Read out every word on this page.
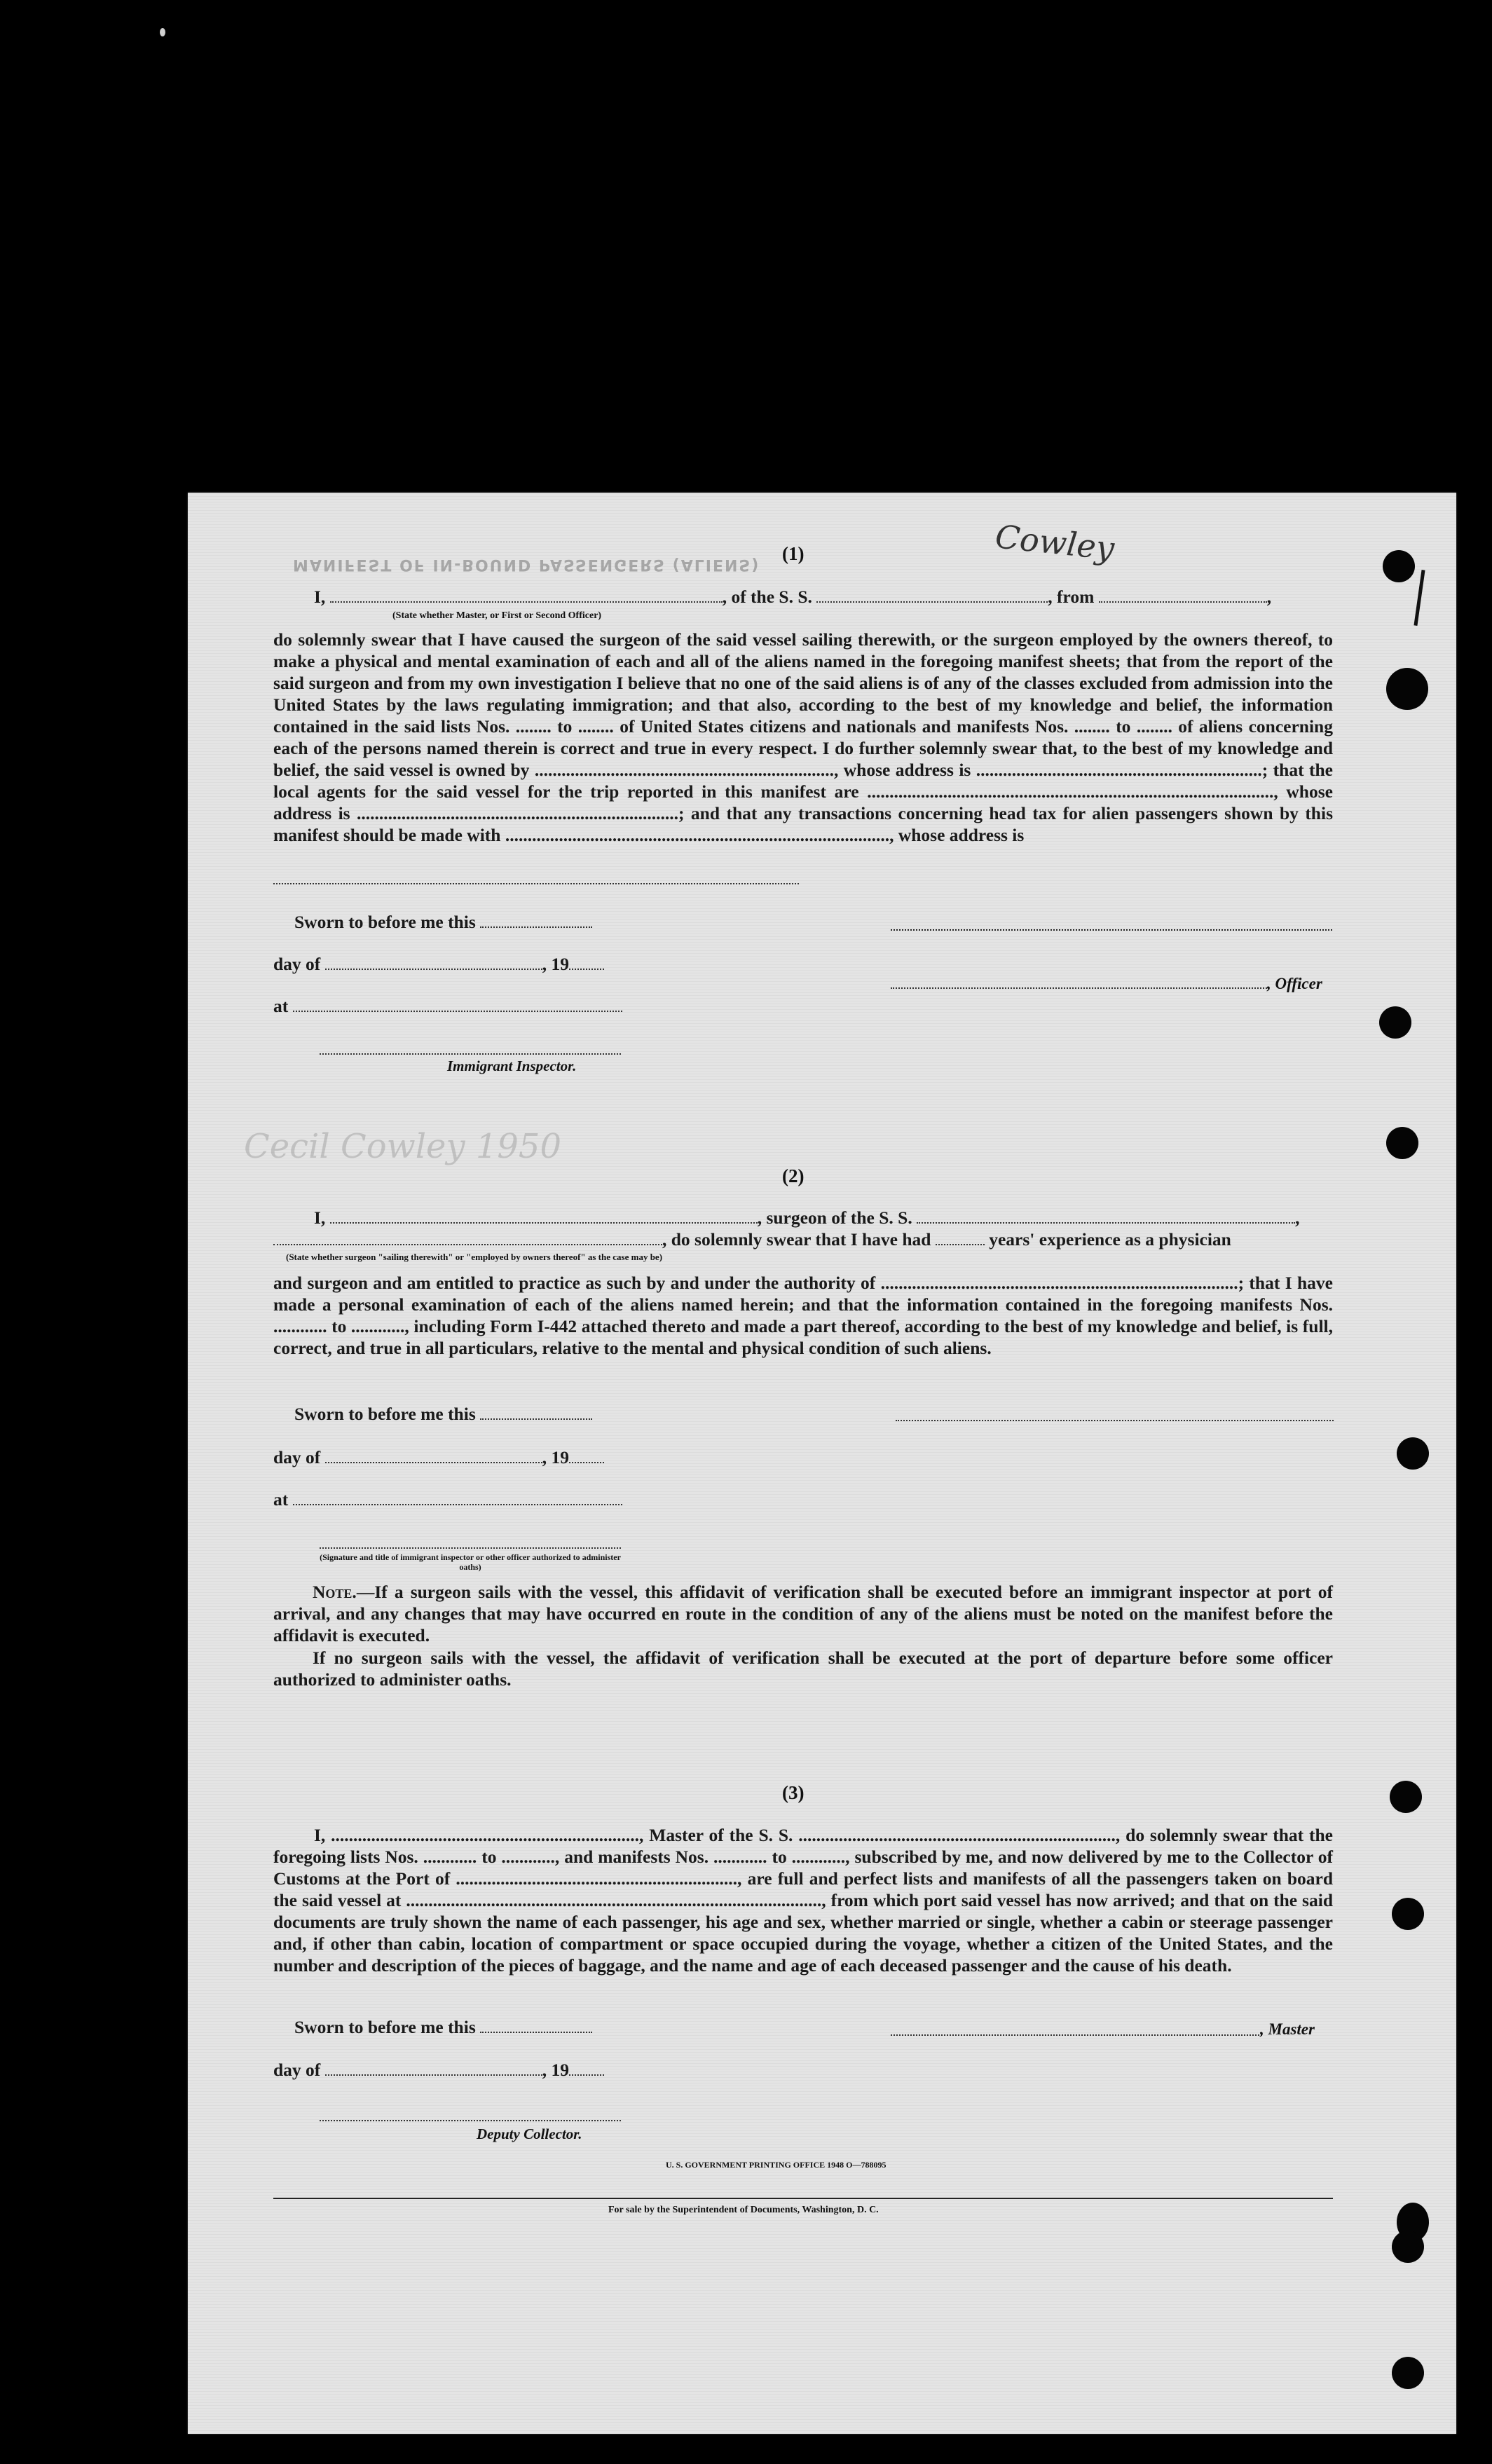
MANIFEST OF IN-BOUND PASSENGERS (ALIENS)	Cowley
(1)
I,	, of the S. S.	, from	,
(State whether Master, or First or Second Officer)
do solemnly swear that I have caused the surgeon of the said vessel sailing therewith, or the surgeon employed by the owners thereof, to make a physical and mental examination of each and all of the aliens named in the foregoing manifest sheets; that from the report of the said surgeon and from my own investigation I believe that no one of the said aliens is of any of the classes excluded from admission into the United States by the laws regulating immigration; and that also, according to the best of my knowledge and belief, the information contained in the said lists Nos. ........ to ........ of United States citizens and nationals and manifests Nos. ........ to ........ of aliens concerning each of the persons named therein is correct and true in every respect. I do further solemnly swear that, to the best of my knowledge and belief, the said vessel is owned by ..................................................................., whose address is ................................................................; that the local agents for the said vessel for the trip reported in this manifest are ..........................................................................................., whose address is ........................................................................; and that any transactions concerning head tax for alien passengers shown by this manifest should be made with ......................................................................................, whose address is
Sworn to before me this
day of	, 19
at
, Officer
Immigrant Inspector.
Cecil Cowley 1950
(2)
I,	, surgeon of the S. S.	,
, do solemnly swear that I have had	years' experience as a physician
(State whether surgeon "sailing therewith" or "employed by owners thereof" as the case may be)
and surgeon and am entitled to practice as such by and under the authority of ................................................................................; that I have made a personal examination of each of the aliens named herein; and that the information contained in the foregoing manifests Nos. ............ to ............, including Form I-442 attached thereto and made a part thereof, according to the best of my knowledge and belief, is full, correct, and true in all particulars, relative to the mental and physical condition of such aliens.
Sworn to before me this
day of	, 19
at
(Signature and title of immigrant inspector or other officer authorized to administer oaths)
Note.—If a surgeon sails with the vessel, this affidavit of verification shall be executed before an immigrant inspector at port of arrival, and any changes that may have occurred en route in the condition of any of the aliens must be noted on the manifest before the affidavit is executed.
If no surgeon sails with the vessel, the affidavit of verification shall be executed at the port of departure before some officer authorized to administer oaths.
(3)
I, ....................................................................., Master of the S. S. ......................................................................., do solemnly swear that the foregoing lists Nos. ............ to ............, and manifests Nos. ............ to ............, subscribed by me, and now delivered by me to the Collector of Customs at the Port of ..............................................................., are full and perfect lists and manifests of all the passengers taken on board the said vessel at ............................................................................................., from which port said vessel has now arrived; and that on the said documents are truly shown the name of each passenger, his age and sex, whether married or single, whether a cabin or steerage passenger and, if other than cabin, location of compartment or space occupied during the voyage, whether a citizen of the United States, and the number and description of the pieces of baggage, and the name and age of each deceased passenger and the cause of his death.
Sworn to before me this	, Master
day of	, 19
Deputy Collector.
U. S. GOVERNMENT PRINTING OFFICE 1948 O—788095
For sale by the Superintendent of Documents, Washington, D. C.
